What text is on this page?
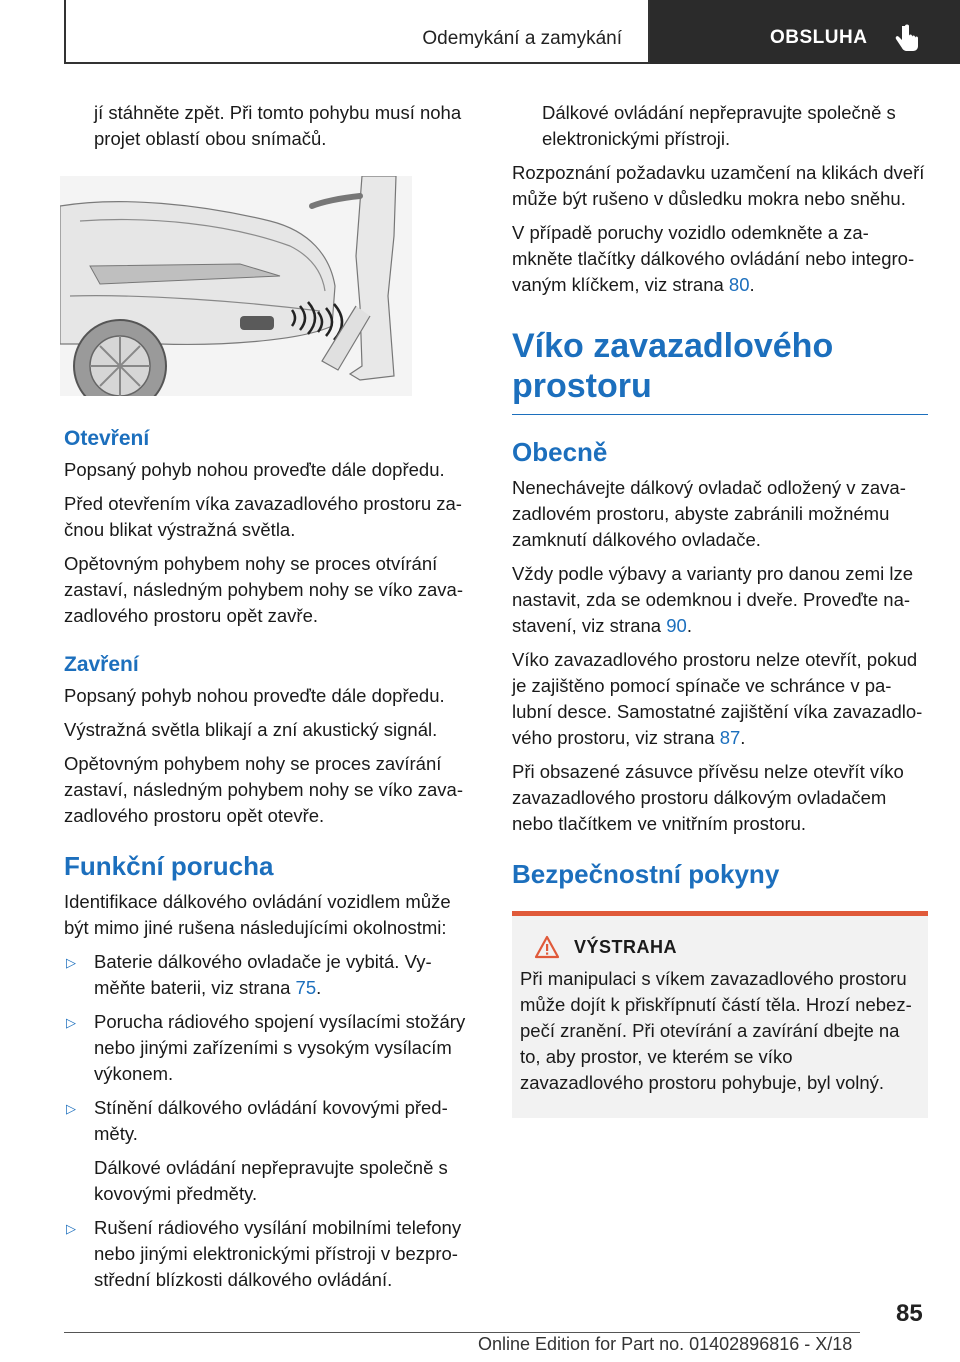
Odemykání a zamykání	OBSLUHA

jí stáhněte zpět. Při tomto pohybu musí noha projet oblastí obou snímačů.

Otevření

Popsaný pohyb nohou proveďte dále dopředu.

Před otevřením víka zavazadlového prostoru za‐ čnou blikat výstražná světla.

Opětovným pohybem nohy se proces otvírání zastaví, následným pohybem nohy se víko zava‐ zadlového prostoru opět zavře.

Zavření

Popsaný pohyb nohou proveďte dále dopředu.

Výstražná světla blikají a zní akustický signál.

Opětovným pohybem nohy se proces zavírání zastaví, následným pohybem nohy se víko zava‐ zadlového prostoru opět otevře.

Funkční porucha

Identifikace dálkového ovládání vozidlem může být mimo jiné rušena následujícími okolnostmi:

▷ Baterie dálkového ovladače je vybitá. Vy‐ měňte baterii, viz strana 75.
▷ Porucha rádiového spojení vysílacími stožáry nebo jinými zařízeními s vysokým vysílacím výkonem.
▷ Stínění dálkového ovládání kovovými před‐ měty.

Dálkové ovládání nepřepravujte společně s kovovými předměty.

▷ Rušení rádiového vysílání mobilními telefony nebo jinými elektronickými přístroji v bezpro‐ střední blízkosti dálkového ovládání.

Dálkové ovládání nepřepravujte společně s elektronickými přístroji.

Rozpoznání požadavku uzamčení na klikách dveří může být rušeno v důsledku mokra nebo sněhu.

V případě poruchy vozidlo odemkněte a za‐ mkněte tlačítky dálkového ovládání nebo integro‐ vaným klíčkem, viz strana 80.

Víko zavazadlového prostoru
Obecně

Nenechávejte dálkový ovladač odložený v zava‐ zadlovém prostoru, abyste zabránili možnému zamknutí dálkového ovladače.

Vždy podle výbavy a varianty pro danou zemi lze nastavit, zda se odemknou i dveře. Proveďte na‐ stavení, viz strana 90.

Víko zavazadlového prostoru nelze otevřít, pokud je zajištěno pomocí spínače ve schránce v pa‐ lubní desce. Samostatné zajištění víka zavazadlo‐ vého prostoru, viz strana 87.

Při obsazené zásuvce přívěsu nelze otevřít víko zavazadlového prostoru dálkovým ovladačem nebo tlačítkem ve vnitřním prostoru.

Bezpečnostní pokyny
VÝSTRAHA

Při manipulaci s víkem zavazadlového prostoru může dojít k přiskřípnutí částí těla. Hrozí nebez‐ pečí zranění. Při otevírání a zavírání dbejte na to, aby prostor, ve kterém se víko zavazadlového prostoru pohybuje, byl volný.

85
Online Edition for Part no. 01402896816 - X/18
